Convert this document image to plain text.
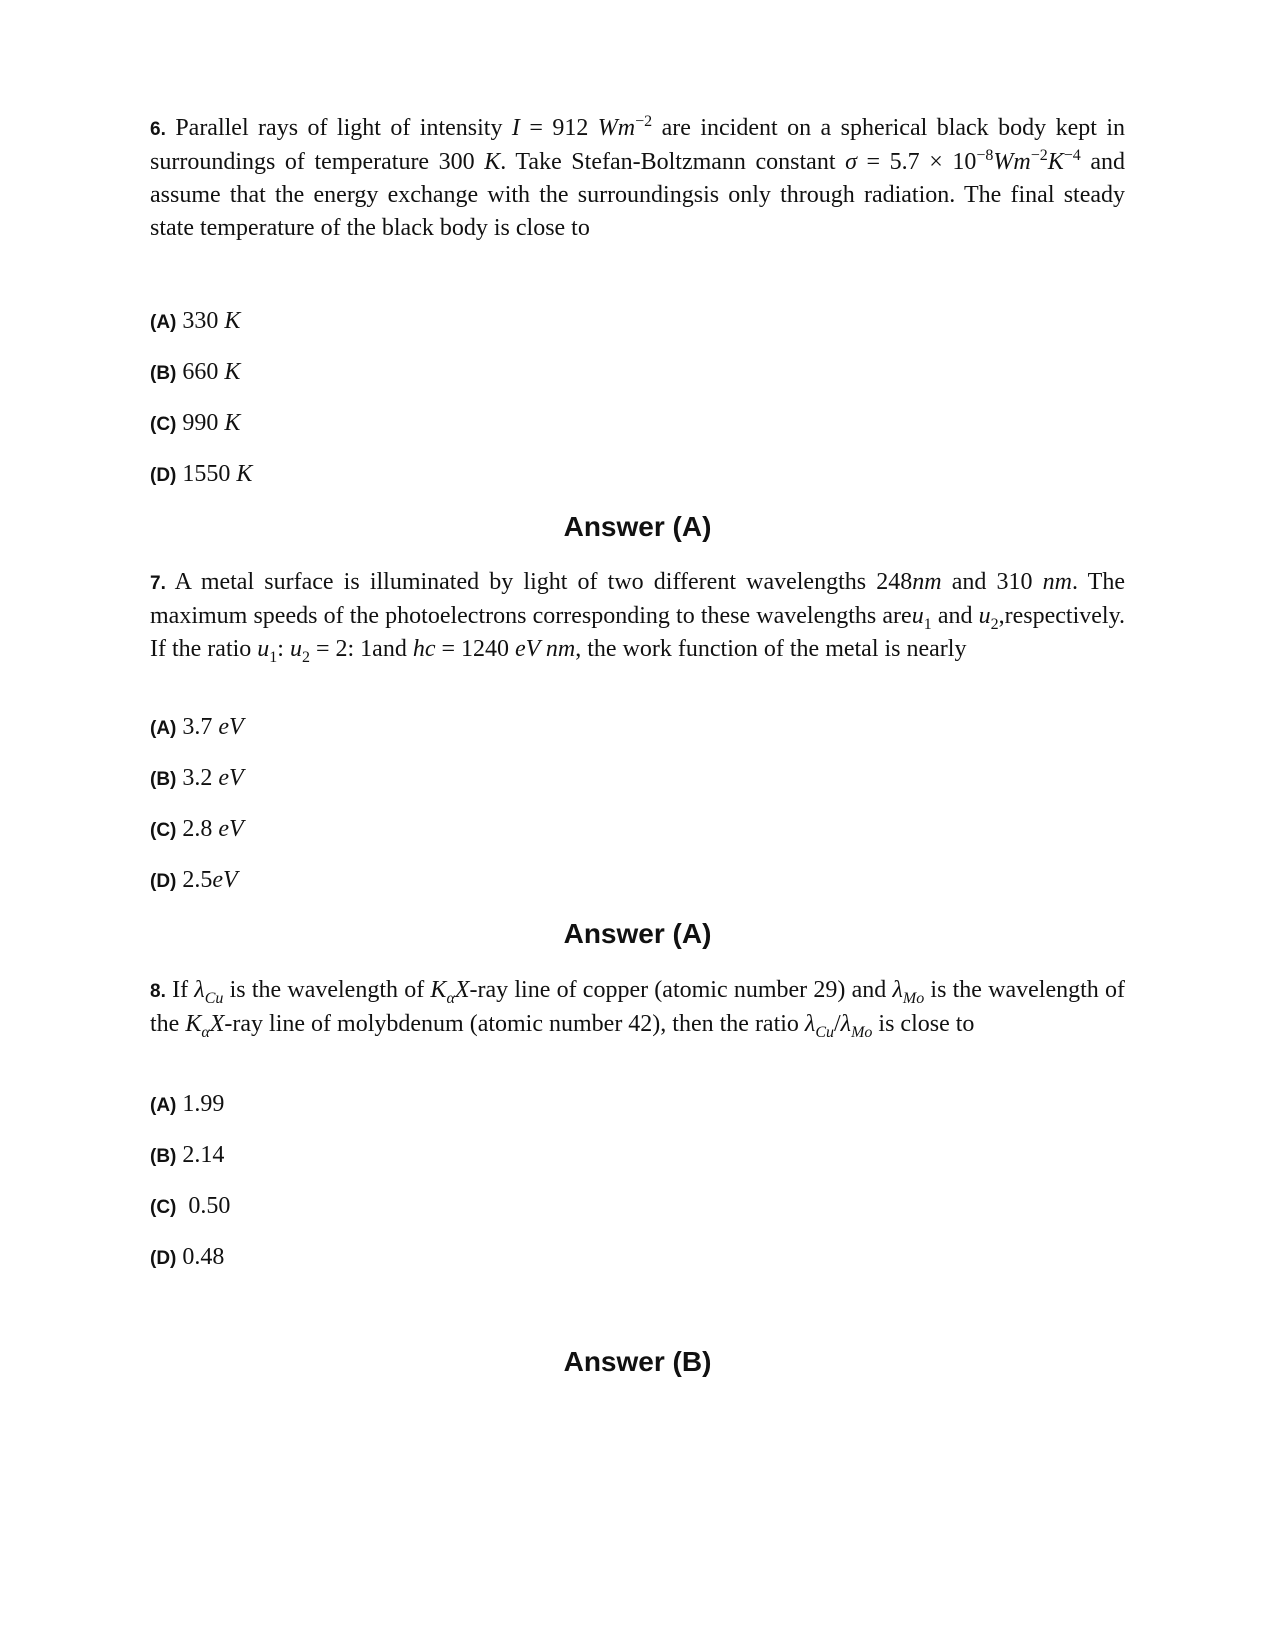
6. Parallel rays of light of intensity I = 912 $Wm^{-2}$ are incident on a spherical black body kept in surroundings of temperature 300 K. Take Stefan-Boltzmann constant $\sigma = 5.7 \times 10^{-8}Wm^{-2}K^{-4}$ and assume that the energy exchange with the surroundingsis only through radiation. The final steady state temperature of the black body is close to
(A) 330 K
(B) 660 K
(C) 990 K
(D) 1550 K
Answer (A)
7. A metal surface is illuminated by light of two different wavelengths 248nm and 310 nm. The maximum speeds of the photoelectrons corresponding to these wavelengths areu$_1$ and $u_2,respectively$. If the ratio $u_1$: $u_2 = 2$: 1and hc = 1240 eV nm, the work function of the metal is nearly
(A) 3.7 eV
(B) 3.2 eV
(C) 2.8 eV
(D) 2.5eV
Answer (A)
8. If $\lambda_{Cu}$ is the wavelength of $K_\alpha X$-ray line of copper (atomic number 29) and $\lambda_{Mo}$ is the wavelength of the $K_\alpha X$-ray line of molybdenum (atomic number 42), then the ratio $\lambda_{Cu}/\lambda_{Mo}$ is close to
(A) 1.99
(B) 2.14
(C)  0.50
(D) 0.48
Answer (B)
